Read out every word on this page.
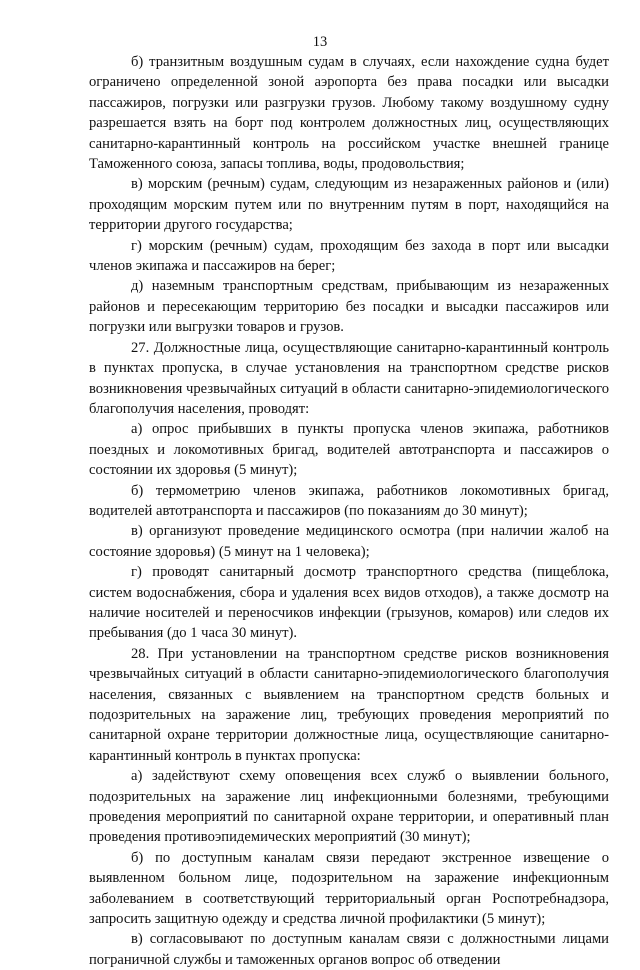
13

б) транзитным воздушным судам в случаях, если нахождение судна будет ограничено определенной зоной аэропорта без права посадки или высадки пассажиров, погрузки или разгрузки грузов. Любому такому воздушному судну разрешается взять на борт под контролем должностных лиц, осуществляющих санитарно-карантинный контроль на российском участке внешней границе Таможенного союза, запасы топлива, воды, продовольствия;

в) морским (речным) судам, следующим из незараженных районов и (или) проходящим морским путем или по внутренним путям в порт, находящийся на территории другого государства;

г) морским (речным) судам, проходящим без захода в порт или высадки членов экипажа и пассажиров на берег;

д) наземным транспортным средствам, прибывающим из незараженных районов и пересекающим территорию без посадки и высадки пассажиров или погрузки или выгрузки товаров и грузов.

27. Должностные лица, осуществляющие санитарно-карантинный контроль в пунктах пропуска, в случае установления на транспортном средстве рисков возникновения чрезвычайных ситуаций в области санитарно-эпидемиологического благополучия населения, проводят:

а) опрос прибывших в пункты пропуска членов экипажа, работников поездных и локомотивных бригад, водителей автотранспорта и пассажиров о состоянии их здоровья (5 минут);

б) термометрию членов экипажа, работников локомотивных бригад, водителей автотранспорта и пассажиров (по показаниям до 30 минут);

в) организуют проведение медицинского осмотра (при наличии жалоб на состояние здоровья) (5 минут на 1 человека);

г) проводят санитарный досмотр транспортного средства (пищеблока, систем водоснабжения, сбора и удаления всех видов отходов), а также досмотр на наличие носителей и переносчиков инфекции (грызунов, комаров) или следов их пребывания (до 1 часа 30 минут).

28. При установлении на транспортном средстве рисков возникновения чрезвычайных ситуаций в области санитарно-эпидемиологического благополучия населения, связанных с выявлением на транспортном средств больных и подозрительных на заражение лиц, требующих проведения мероприятий по санитарной охране территории должностные лица, осуществляющие санитарно-карантинный контроль в пунктах пропуска:

а) задействуют схему оповещения всех служб о выявлении больного, подозрительных на заражение лиц инфекционными болезнями, требующими проведения мероприятий по санитарной охране территории, и оперативный план проведения противоэпидемических мероприятий (30 минут);

б) по доступным каналам связи передают экстренное извещение о выявленном больном лице, подозрительном на заражение инфекционным заболеванием в соответствующий территориальный орган Роспотребнадзора, запросить защитную одежду и средства личной профилактики (5 минут);

в) согласовывают по доступным каналам связи с должностными лицами пограничной службы и таможенных органов вопрос об отведении
